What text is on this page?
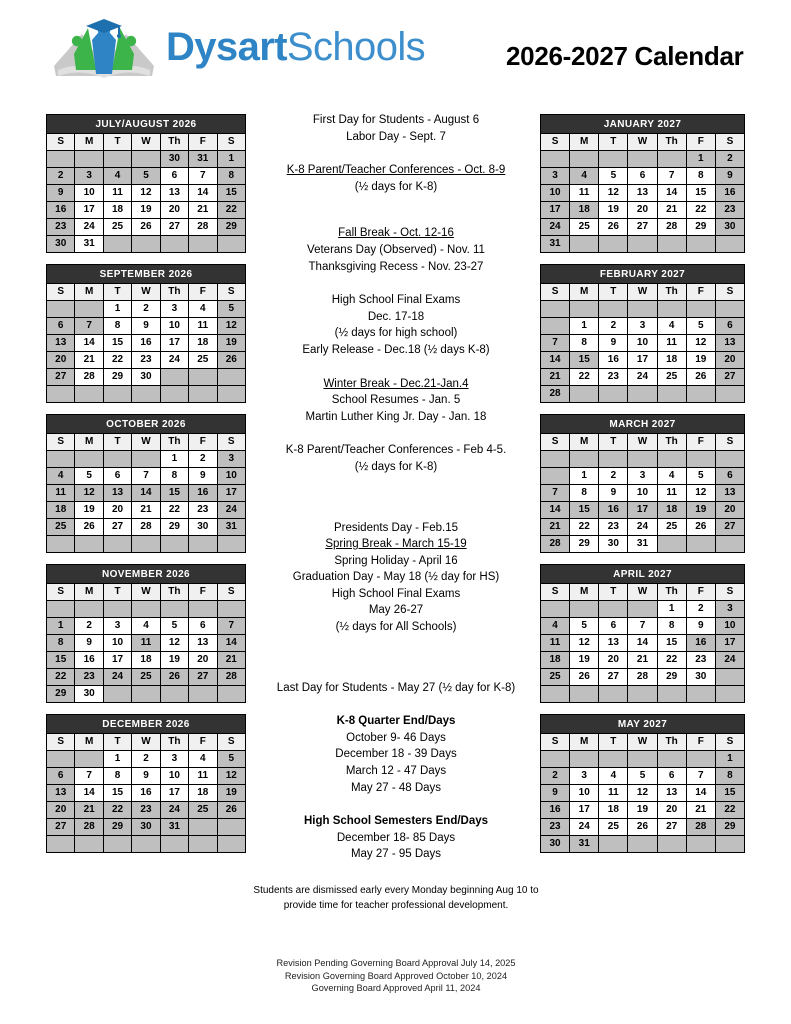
DysartSchools	2026-2027 Calendar
JULY/AUGUST 2026
S	M	T	W	Th	F	S
				30	31	1
2	3	4	5	6	7	8
9	10	11	12	13	14	15
16	17	18	19	20	21	22
23	24	25	26	27	28	29
30	31					
SEPTEMBER 2026
S	M	T	W	Th	F	S
		1	2	3	4	5
6	7	8	9	10	11	12
13	14	15	16	17	18	19
20	21	22	23	24	25	26
27	28	29	30			

OCTOBER 2026
S	M	T	W	Th	F	S
				1	2	3
4	5	6	7	8	9	10
11	12	13	14	15	16	17
18	19	20	21	22	23	24
25	26	27	28	29	30	31

NOVEMBER 2026
S	M	T	W	Th	F	S

1	2	3	4	5	6	7
8	9	10	11	12	13	14
15	16	17	18	19	20	21
22	23	24	25	26	27	28
29	30					
DECEMBER 2026
S	M	T	W	Th	F	S
		1	2	3	4	5
6	7	8	9	10	11	12
13	14	15	16	17	18	19
20	21	22	23	24	25	26
27	28	29	30	31		

First Day for Students - August 6
Labor Day - Sept. 7
K-8 Parent/Teacher Conferences - Oct. 8-9
(½ days for K-8)
Fall Break - Oct. 12-16
Veterans Day (Observed) - Nov. 11
Thanksgiving Recess - Nov. 23-27
High School Final Exams
Dec. 17-18
(½ days for high school)
Early Release - Dec.18 (½ days K-8)
Winter Break - Dec.21-Jan.4
School Resumes - Jan. 5
Martin Luther King Jr. Day - Jan. 18
K-8 Parent/Teacher Conferences - Feb 4-5.
(½ days for K-8)
Presidents Day - Feb.15
Spring Break - March 15-19
Spring Holiday - April 16
Graduation Day - May 18 (½ day for HS)
High School Final Exams
May 26-27
(½ days for All Schools)
Last Day for Students - May 27 (½ day for K-8)
K-8 Quarter End/Days
October 9- 46 Days
December 18 - 39 Days
March 12 - 47 Days
May 27 - 48 Days
High School Semesters End/Days
December 18- 85 Days
May 27 - 95 Days
JANUARY 2027
S	M	T	W	Th	F	S
					1	2
3	4	5	6	7	8	9
10	11	12	13	14	15	16
17	18	19	20	21	22	23
24	25	26	27	28	29	30
31						
FEBRUARY 2027
S	M	T	W	Th	F	S

	1	2	3	4	5	6
7	8	9	10	11	12	13
14	15	16	17	18	19	20
21	22	23	24	25	26	27
28						
MARCH 2027
S	M	T	W	Th	F	S

	1	2	3	4	5	6
7	8	9	10	11	12	13
14	15	16	17	18	19	20
21	22	23	24	25	26	27
28	29	30	31			
APRIL 2027
S	M	T	W	Th	F	S
				1	2	3
4	5	6	7	8	9	10
11	12	13	14	15	16	17
18	19	20	21	22	23	24
25	26	27	28	29	30	

MAY 2027
S	M	T	W	Th	F	S
						1
2	3	4	5	6	7	8
9	10	11	12	13	14	15
16	17	18	19	20	21	22
23	24	25	26	27	28	29
30	31					
Students are dismissed early every Monday beginning Aug 10 to provide time for teacher professional development.
Revision Pending Governing Board Approval July 14, 2025
Revision Governing Board Approved October 10, 2024
Governing Board Approved April 11, 2024
